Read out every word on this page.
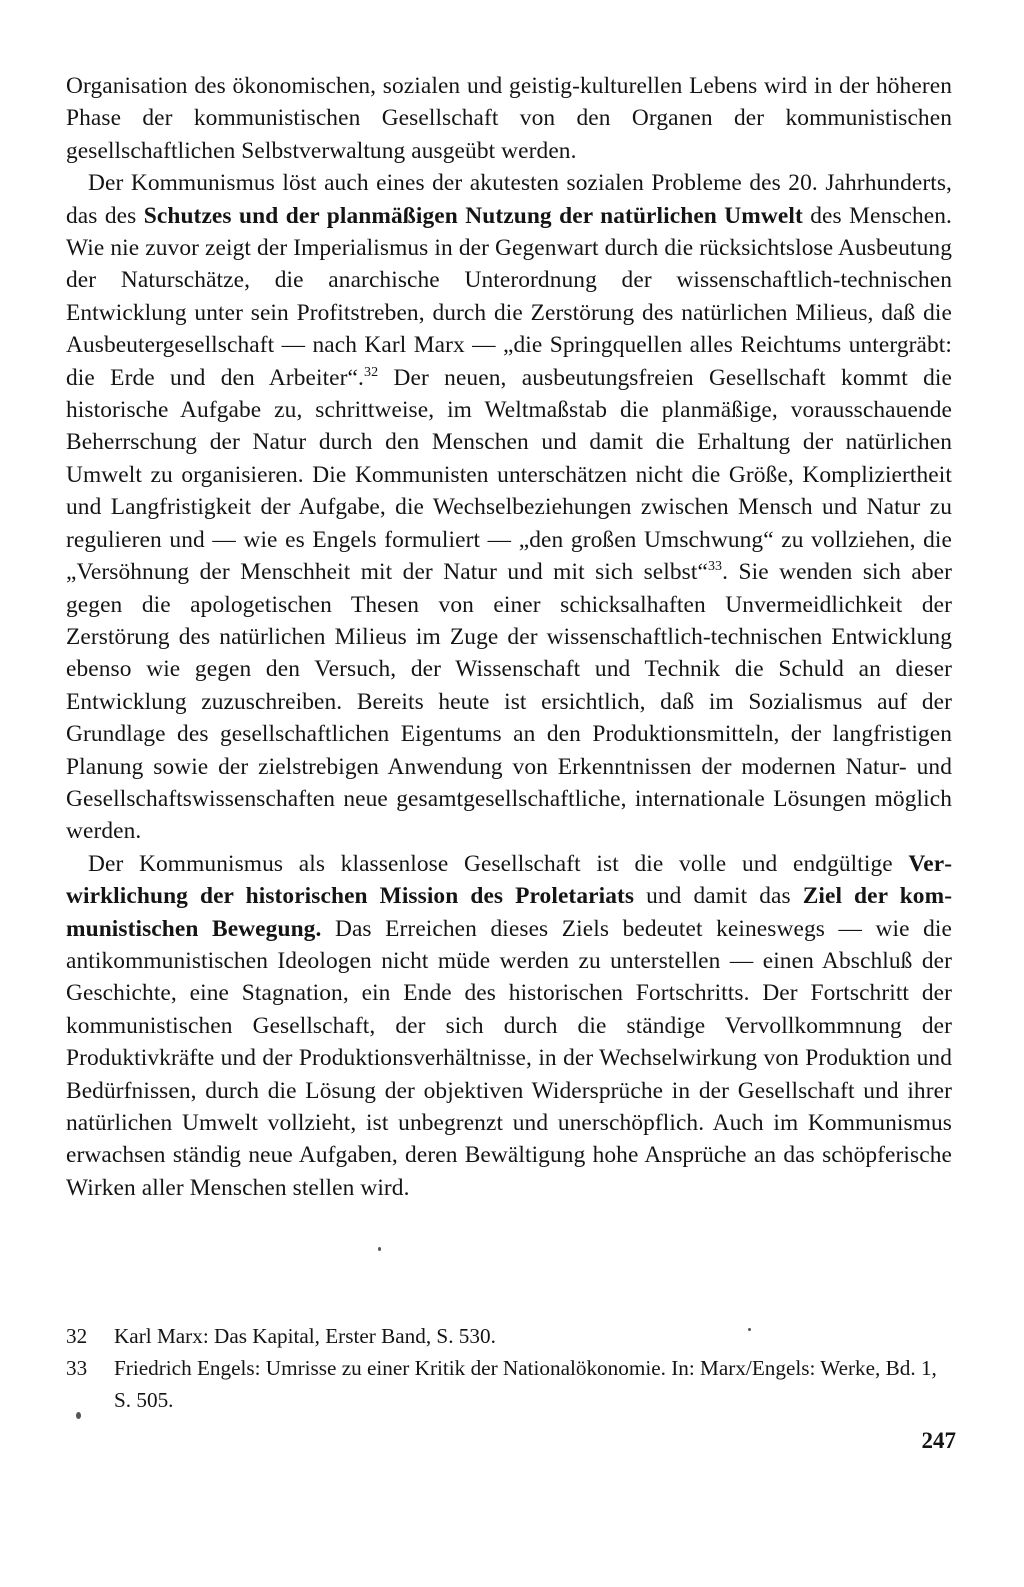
Organisation des ökonomischen, sozialen und geistig-kulturellen Lebens wird in der höheren Phase der kommunistischen Gesellschaft von den Organen der kommunistischen gesellschaftlichen Selbstverwaltung ausgeübt werden.

Der Kommunismus löst auch eines der akutesten sozialen Probleme des 20. Jahrhunderts, das des Schutzes und der planmäßigen Nutzung der natürlichen Umwelt des Menschen. Wie nie zuvor zeigt der Imperialismus in der Gegenwart durch die rücksichtslose Ausbeutung der Naturschätze, die anarchische Unterordnung der wissenschaftlich-technischen Entwicklung unter sein Profitstreben, durch die Zerstörung des natürlichen Milieus, daß die Ausbeutergesellschaft — nach Karl Marx — „die Springquellen alles Reichtums untergräbt: die Erde und den Arbeiter“.$^{32}$ Der neuen, ausbeutungsfreien Gesellschaft kommt die historische Aufgabe zu, schrittweise, im Weltmaßstab die planmäßige, vorausschauende Beherrschung der Natur durch den Menschen und damit die Erhaltung der natürlichen Umwelt zu organisieren. Die Kommunisten unterschätzen nicht die Größe, Kompliziertheit und Langfristigkeit der Aufgabe, die Wechselbeziehungen zwischen Mensch und Natur zu regulieren und — wie es Engels formuliert — „den großen Umschwung“ zu vollziehen, die „Versöhnung der Menschheit mit der Natur und mit sich selbst“$^{33}$. Sie wenden sich aber gegen die apologetischen Thesen von einer schicksalhaften Unvermeidlichkeit der Zerstörung des natürlichen Milieus im Zuge der wissenschaftlich-technischen Entwicklung ebenso wie gegen den Versuch, der Wissenschaft und Technik die Schuld an dieser Entwicklung zuzuschreiben. Bereits heute ist ersichtlich, daß im Sozialismus auf der Grundlage des gesellschaftlichen Eigentums an den Produktionsmitteln, der langfristigen Planung sowie der zielstrebigen Anwendung von Erkenntnissen der modernen Natur- und Gesellschaftswissenschaften neue gesamtgesellschaftliche, internationale Lösungen möglich werden.

Der Kommunismus als klassenlose Gesellschaft ist die volle und endgültige Verwirklichung der historischen Mission des Proletariats und damit das Ziel der kommunistischen Bewegung. Das Erreichen dieses Ziels bedeutet keineswegs — wie die antikommunistischen Ideologen nicht müde werden zu unterstellen — einen Abschluß der Geschichte, eine Stagnation, ein Ende des historischen Fortschritts. Der Fortschritt der kommunistischen Gesellschaft, der sich durch die ständige Vervollkommnung der Produktivkräfte und der Produktionsverhältnisse, in der Wechselwirkung von Produktion und Bedürfnissen, durch die Lösung der objektiven Widersprüche in der Gesellschaft und ihrer natürlichen Umwelt vollzieht, ist unbegrenzt und unerschöpflich. Auch im Kommunismus erwachsen ständig neue Aufgaben, deren Bewältigung hohe Ansprüche an das schöpferische Wirken aller Menschen stellen wird.

32	Karl Marx: Das Kapital, Erster Band, S. 530.
33	Friedrich Engels: Umrisse zu einer Kritik der Nationalökonomie. In: Marx/Engels: Werke, Bd. 1, S. 505.
247
